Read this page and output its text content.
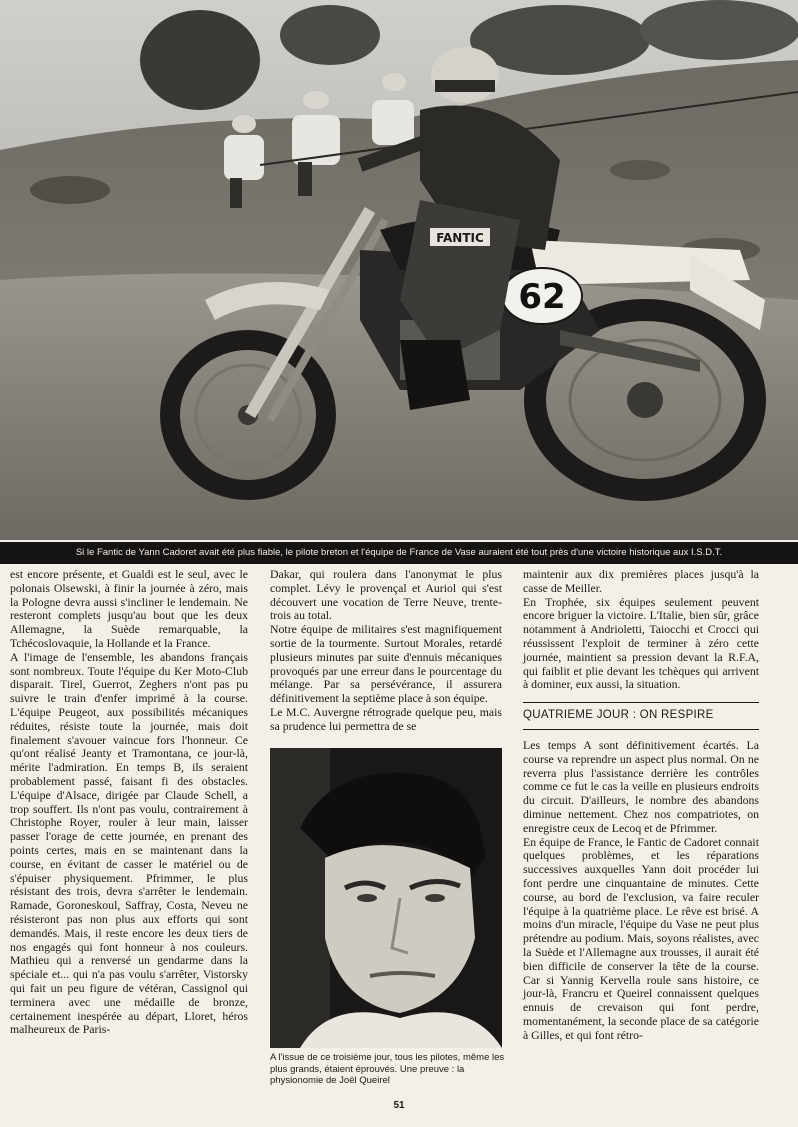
62
FANTIC
Si le Fantic de Yann Cadoret avait été plus fiable, le pilote breton et l'équipe de France de Vase auraient été tout près d'une victoire historique aux I.S.D.T.

est encore présente, et Gualdi est le seul, avec le polonais Olsewski, à finir la journée à zéro, mais la Pologne devra aussi s'incliner le lendemain. Ne resteront complets jusqu'au bout que les deux Allemagne, la Suède remarquable, la Tchécoslovaquie, la Hollande et la France.

A l'image de l'ensemble, les abandons français sont nombreux. Toute l'équipe du Ker Moto-Club disparait. Tirel, Guerrot, Zeghers n'ont pas pu suivre le train d'enfer imprimé à la course. L'équipe Peugeot, aux possibilités mécaniques réduites, résiste toute la journée, mais doit finalement s'avouer vaincue fors l'honneur. Ce qu'ont réalisé Jeanty et Tramontana, ce jour-là, mérite l'admiration. En temps B, ils seraient probablement passé, faisant fi des obstacles. L'équipe d'Alsace, dirigée par Claude Schell, a trop souffert. Ils n'ont pas voulu, contrairement à Christophe Royer, rouler à leur main, laisser passer l'orage de cette journée, en prenant des points certes, mais en se maintenant dans la course, en évitant de casser le matériel ou de s'épuiser physiquement. Pfrimmer, le plus résistant des trois, devra s'arrêter le lendemain. Ramade, Goroneskoul, Saffray, Costa, Neveu ne résisteront pas non plus aux efforts qui sont demandés. Mais, il reste encore les deux tiers de nos engagés qui font honneur à nos couleurs. Mathieu qui a renversé un gendarme dans la spéciale et... qui n'a pas voulu s'arrêter, Vistorsky qui fait un peu figure de vétéran, Cassignol qui terminera avec une médaille de bronze, certainement inespérée au départ, Lloret, héros malheureux de Paris-

Dakar, qui roulera dans l'anonymat le plus complet. Lévy le provençal et Auriol qui s'est découvert une vocation de Terre Neuve, trente-trois au total.

Notre équipe de militaires s'est magnifiquement sortie de la tourmente. Surtout Morales, retardé plusieurs minutes par suite d'ennuis mécaniques provoqués par une erreur dans le pourcentage du mélange. Par sa persévérance, il assurera définitivement la septième place à son équipe.

Le M.C. Auvergne rétrograde quelque peu, mais sa prudence lui permettra de se

A l'issue de ce troisième jour, tous les pilotes, même les plus grands, étaient éprouvés. Une preuve : la physionomie de Joël Queirel

maintenir aux dix premières places jusqu'à la casse de Meiller.

En Trophée, six équipes seulement peuvent encore briguer la victoire. L'Italie, bien sûr, grâce notamment à Andrioletti, Taiocchi et Crocci qui réussissent l'exploit de terminer à zéro cette journée, maintient sa pression devant la R.F.A, qui faiblit et plie devant les tchèques qui arrivent à dominer, eux aussi, la situation.

QUATRIEME JOUR : ON RESPIRE

Les temps A sont définitivement écartés. La course va reprendre un aspect plus normal. On ne reverra plus l'assistance derrière les contrôles comme ce fut le cas la veille en plusieurs endroits du circuit. D'ailleurs, le nombre des abandons diminue nettement. Chez nos compatriotes, on enregistre ceux de Lecoq et de Pfrimmer.

En équipe de France, le Fantic de Cadoret connait quelques problèmes, et les réparations successives auxquelles Yann doit procéder lui font perdre une cinquantaine de minutes. Cette course, au bord de l'exclusion, va faire reculer l'équipe à la quatrième place. Le rêve est brisé. A moins d'un miracle, l'équipe du Vase ne peut plus prétendre au podium. Mais, soyons réalistes, avec la Suède et l'Allemagne aux trousses, il aurait été bien difficile de conserver la tête de la course. Car si Yannig Kervella roule sans histoire, ce jour-là, Francru et Queirel connaissent quelques ennuis de crevaison qui font perdre, momentanément, la seconde place de sa catégorie à Gilles, et qui font rétro-

51
